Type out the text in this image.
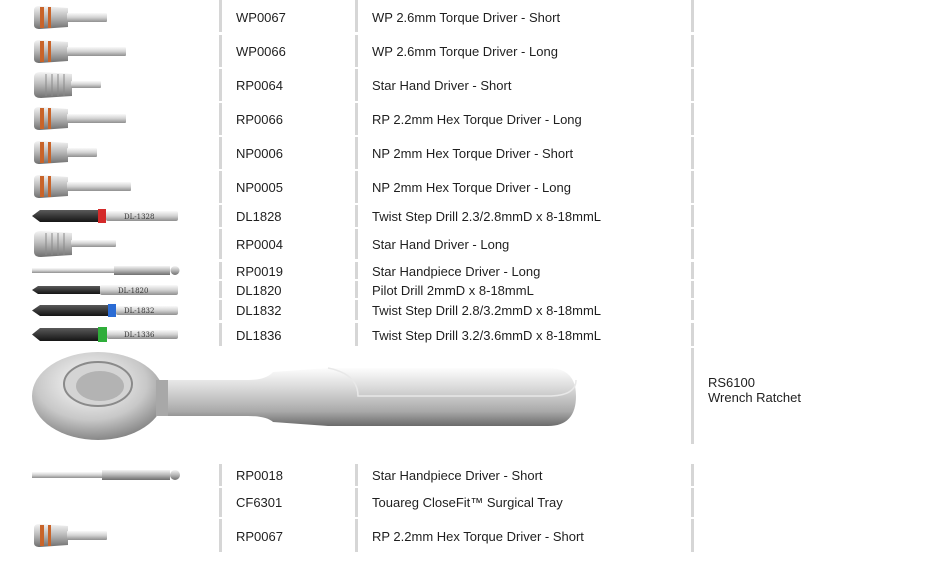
DL-1328
DL-1820
DL-1832
DL-1336
WP0067	WP 2.6mm Torque Driver - Short
WP0066	WP 2.6mm Torque Driver - Long
RP0064	Star Hand Driver - Short
RP0066	RP 2.2mm Hex Torque Driver - Long
NP0006	NP 2mm Hex Torque Driver - Short
NP0005	NP 2mm Hex Torque Driver - Long
DL1828	Twist Step Drill 2.3/2.8mmD x 8-18mmL
RP0004	Star Hand Driver - Long
RP0019	Star Handpiece Driver - Long
DL1820	Pilot Drill 2mmD x 8-18mmL
DL1832	Twist Step Drill 2.8/3.2mmD x 8-18mmL
DL1836	Twist Step Drill 3.2/3.6mmD x 8-18mmL
RS6100
Wrench Ratchet
RP0018	Star Handpiece Driver - Short
CF6301	Touareg CloseFit™ Surgical Tray
RP0067	RP 2.2mm Hex Torque Driver - Short
